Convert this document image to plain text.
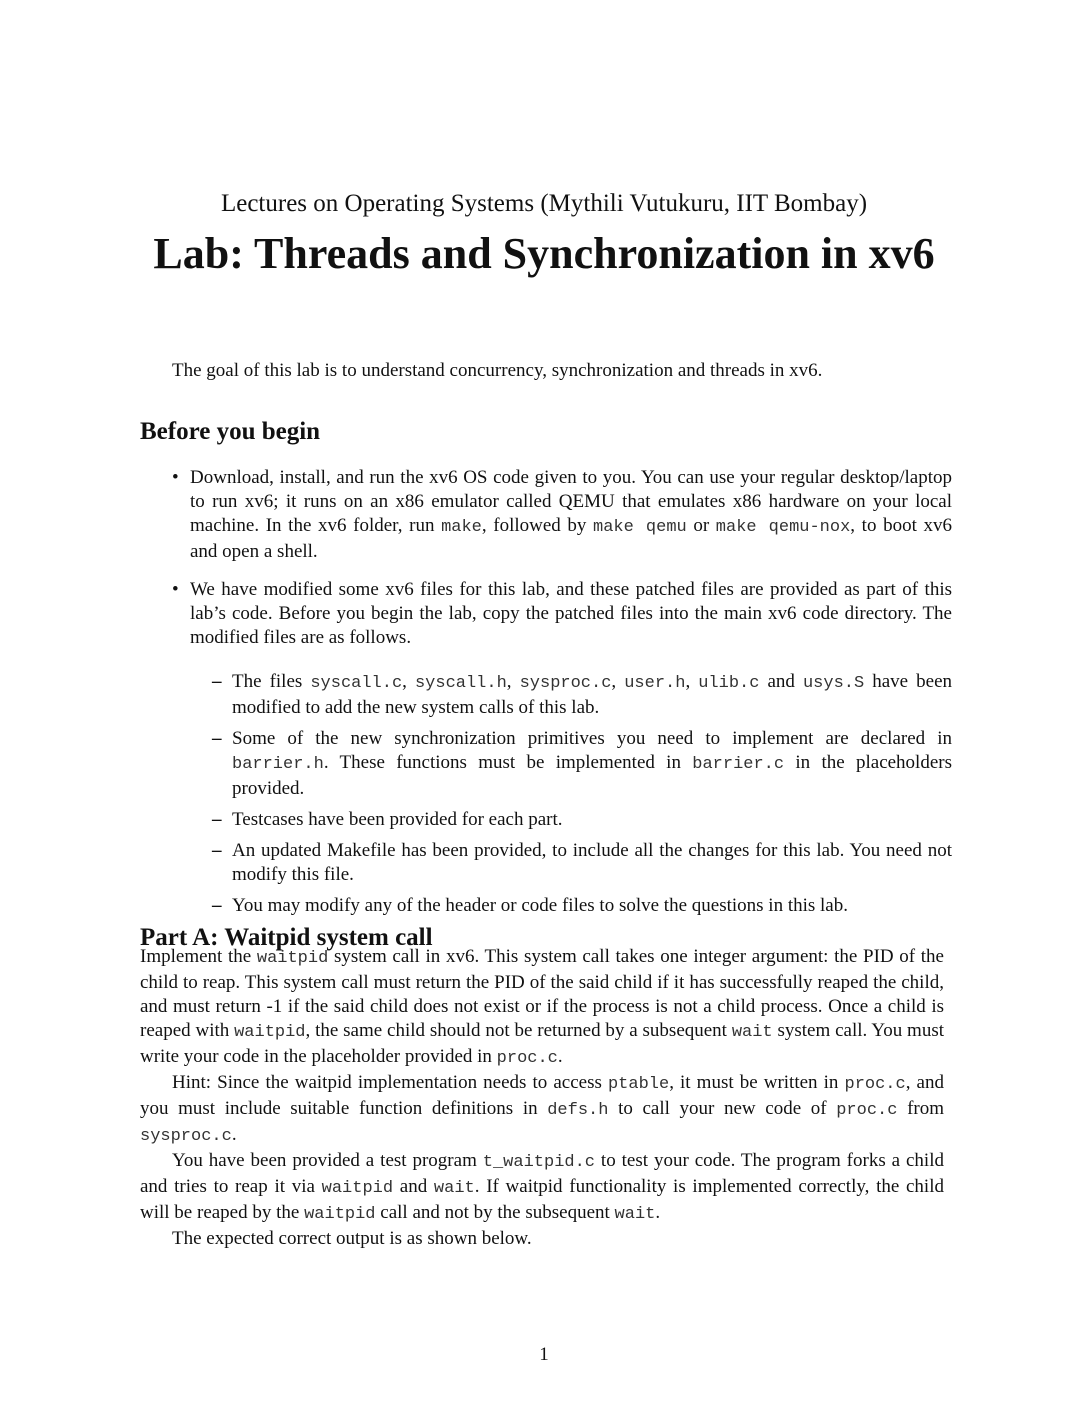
Lectures on Operating Systems (Mythili Vutukuru, IIT Bombay)
Lab: Threads and Synchronization in xv6

The goal of this lab is to understand concurrency, synchronization and threads in xv6.

Before you begin
• Download, install, and run the xv6 OS code given to you. You can use your regular desktop/laptop to run xv6; it runs on an x86 emulator called QEMU that emulates x86 hardware on your local machine. In the xv6 folder, run make, followed by make qemu or make qemu-nox, to boot xv6 and open a shell.
• We have modified some xv6 files for this lab, and these patched files are provided as part of this lab’s code. Before you begin the lab, copy the patched files into the main xv6 code directory. The modified files are as follows.
– The files syscall.c, syscall.h, sysproc.c, user.h, ulib.c and usys.S have been modified to add the new system calls of this lab.
– Some of the new synchronization primitives you need to implement are declared in barrier.h. These functions must be implemented in barrier.c in the placeholders provided.
– Testcases have been provided for each part.
– An updated Makefile has been provided, to include all the changes for this lab. You need not modify this file.
– You may modify any of the header or code files to solve the questions in this lab.
Part A: Waitpid system call

Implement the waitpid system call in xv6. This system call takes one integer argument: the PID of the child to reap. This system call must return the PID of the said child if it has successfully reaped the child, and must return -1 if the said child does not exist or if the process is not a child process. Once a child is reaped with waitpid, the same child should not be returned by a subsequent wait system call. You must write your code in the placeholder provided in proc.c.

Hint: Since the waitpid implementation needs to access ptable, it must be written in proc.c, and you must include suitable function definitions in defs.h to call your new code of proc.c from sysproc.c.

You have been provided a test program t_waitpid.c to test your code. The program forks a child and tries to reap it via waitpid and wait. If waitpid functionality is implemented correctly, the child will be reaped by the waitpid call and not by the subsequent wait.

The expected correct output is as shown below.

1
